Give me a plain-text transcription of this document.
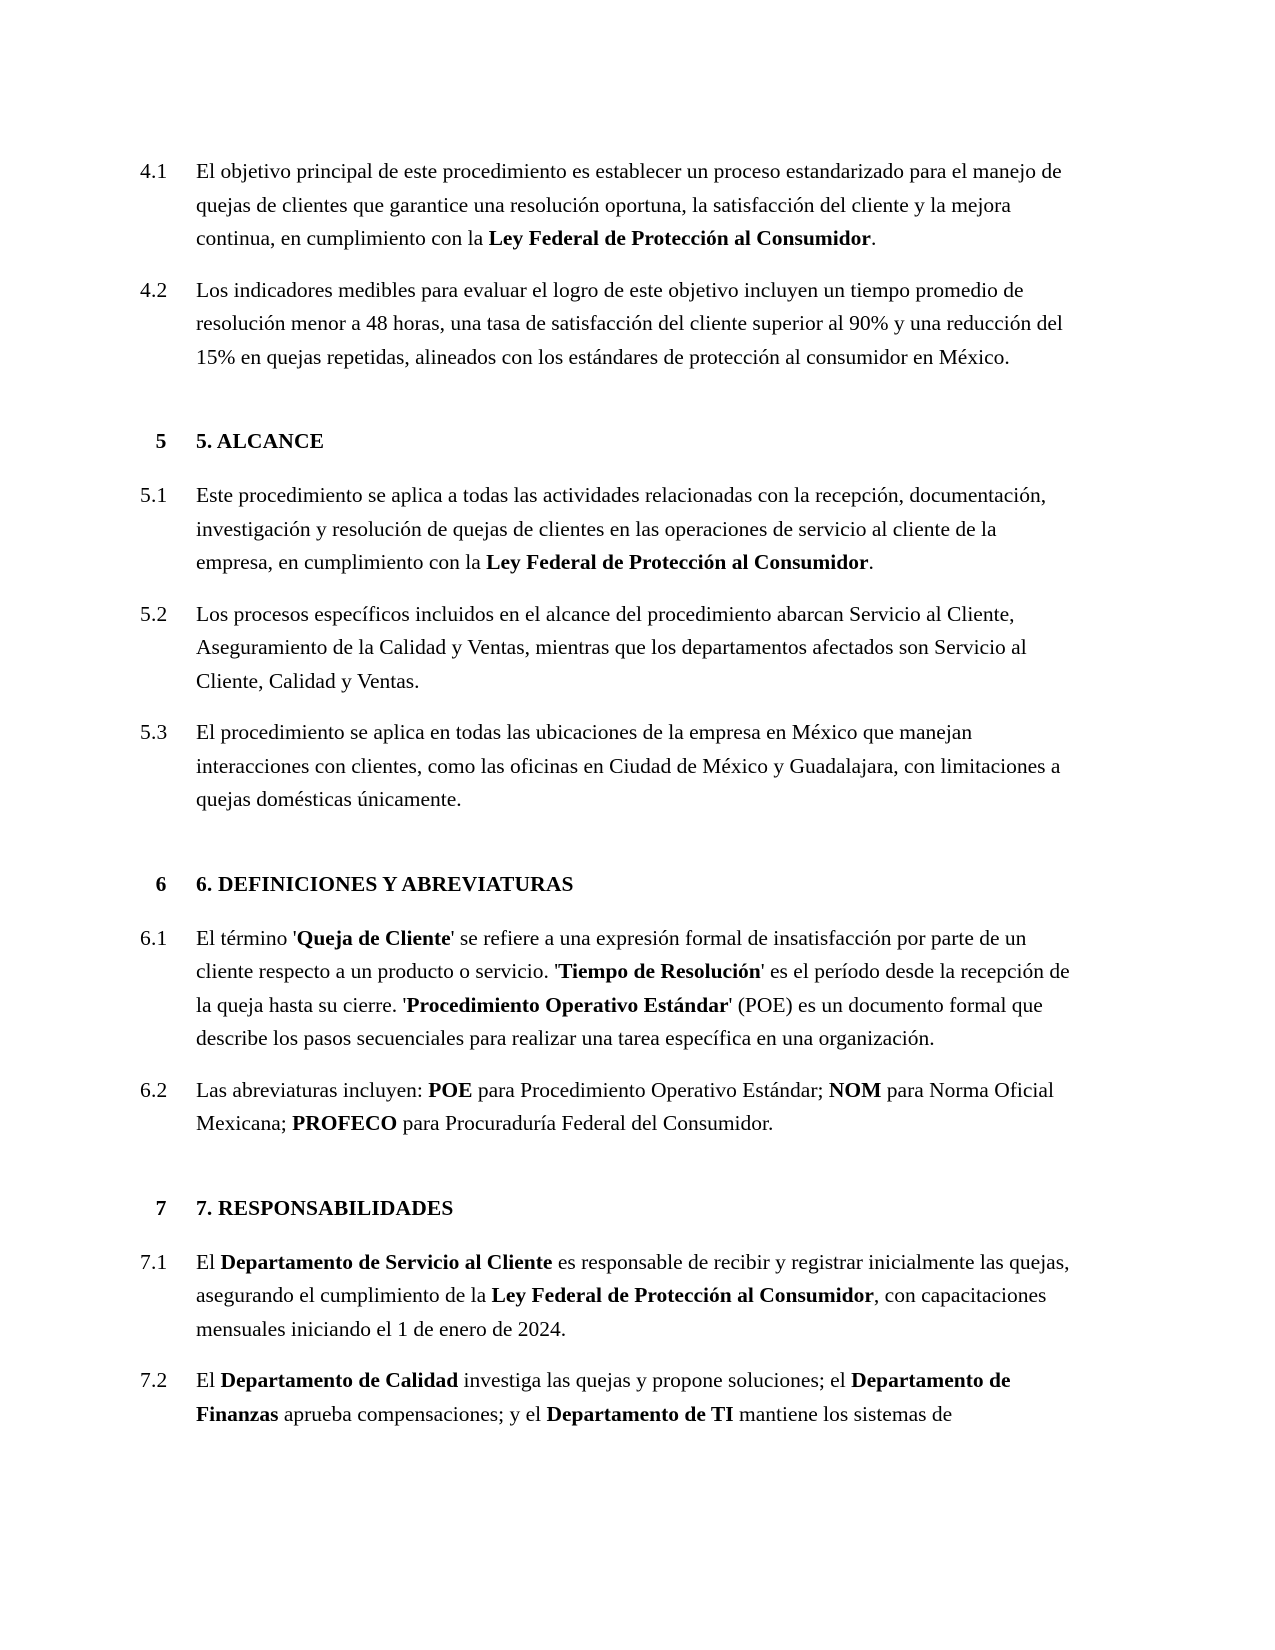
4.1	El objetivo principal de este procedimiento es establecer un proceso estandarizado para el manejo de quejas de clientes que garantice una resolución oportuna, la satisfacción del cliente y la mejora continua, en cumplimiento con la Ley Federal de Protección al Consumidor.
4.2	Los indicadores medibles para evaluar el logro de este objetivo incluyen un tiempo promedio de resolución menor a 48 horas, una tasa de satisfacción del cliente superior al 90% y una reducción del 15% en quejas repetidas, alineados con los estándares de protección al consumidor en México.
5	5. ALCANCE
5.1	Este procedimiento se aplica a todas las actividades relacionadas con la recepción, documentación, investigación y resolución de quejas de clientes en las operaciones de servicio al cliente de la empresa, en cumplimiento con la Ley Federal de Protección al Consumidor.
5.2	Los procesos específicos incluidos en el alcance del procedimiento abarcan Servicio al Cliente, Aseguramiento de la Calidad y Ventas, mientras que los departamentos afectados son Servicio al Cliente, Calidad y Ventas.
5.3	El procedimiento se aplica en todas las ubicaciones de la empresa en México que manejan interacciones con clientes, como las oficinas en Ciudad de México y Guadalajara, con limitaciones a quejas domésticas únicamente.
6	6. DEFINICIONES Y ABREVIATURAS
6.1	El término 'Queja de Cliente' se refiere a una expresión formal de insatisfacción por parte de un cliente respecto a un producto o servicio. 'Tiempo de Resolución' es el período desde la recepción de la queja hasta su cierre. 'Procedimiento Operativo Estándar' (POE) es un documento formal que describe los pasos secuenciales para realizar una tarea específica en una organización.
6.2	Las abreviaturas incluyen: POE para Procedimiento Operativo Estándar; NOM para Norma Oficial Mexicana; PROFECO para Procuraduría Federal del Consumidor.
7	7. RESPONSABILIDADES
7.1	El Departamento de Servicio al Cliente es responsable de recibir y registrar inicialmente las quejas, asegurando el cumplimiento de la Ley Federal de Protección al Consumidor, con capacitaciones mensuales iniciando el 1 de enero de 2024.
7.2	El Departamento de Calidad investiga las quejas y propone soluciones; el Departamento de Finanzas aprueba compensaciones; y el Departamento de TI mantiene los sistemas de
